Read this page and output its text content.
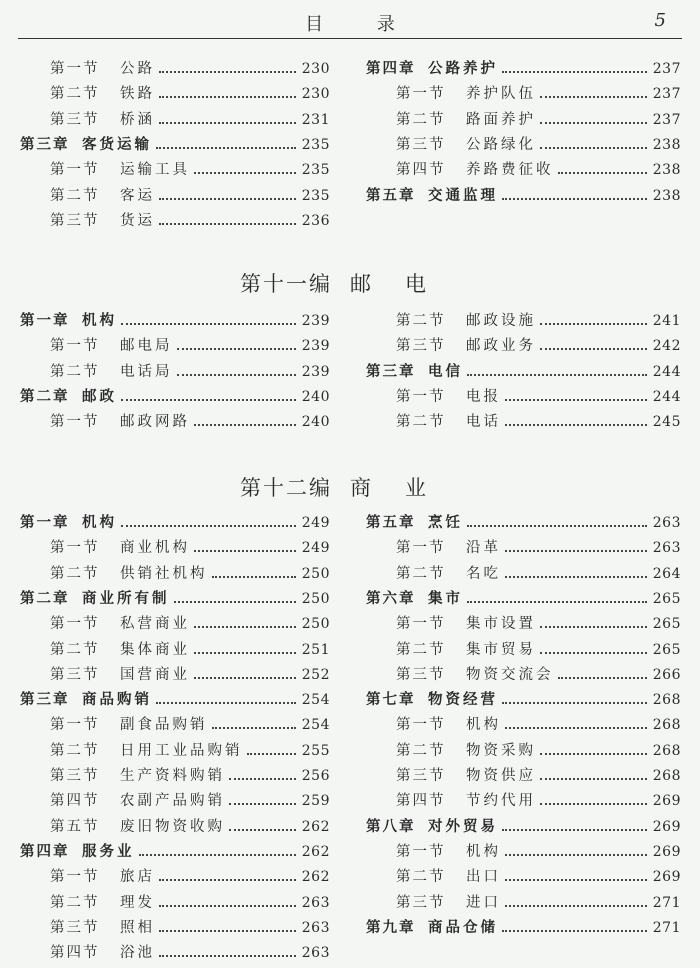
目 录	5
第一节	公路	230
第二节	铁路	230
第三节	桥涵	231
第三章 客货运输	235
第一节	运输工具	235
第二节	客运	235
第三节	货运	236
第四章 公路养护	237
第一节	养护队伍	237
第二节	路面养护	237
第三节	公路绿化	238
第四节	养路费征收	238
第五章 交通监理	238
第十一编 邮电
第一章 机构	239
第一节	邮电局	239
第二节	电话局	239
第二章 邮政	240
第一节	邮政网路	240
第二节	邮政设施	241
第三节	邮政业务	242
第三章 电信	244
第一节	电报	244
第二节	电话	245
第十二编 商业
第一章 机构	249
第一节	商业机构	249
第二节	供销社机构	250
第二章 商业所有制	250
第一节	私营商业	250
第二节	集体商业	251
第三节	国营商业	252
第三章 商品购销	254
第一节	副食品购销	254
第二节	日用工业品购销	255
第三节	生产资料购销	256
第四节	农副产品购销	259
第五节	废旧物资收购	262
第四章 服务业	262
第一节	旅店	262
第二节	理发	263
第三节	照相	263
第四节	浴池	263
第五章 烹饪	263
第一节	沿革	263
第二节	名吃	264
第六章 集市	265
第一节	集市设置	265
第二节	集市贸易	265
第三节	物资交流会	266
第七章 物资经营	268
第一节	机构	268
第二节	物资采购	268
第三节	物资供应	268
第四节	节约代用	269
第八章 对外贸易	269
第一节	机构	269
第二节	出口	269
第三节	进口	271
第九章 商品仓储	271
